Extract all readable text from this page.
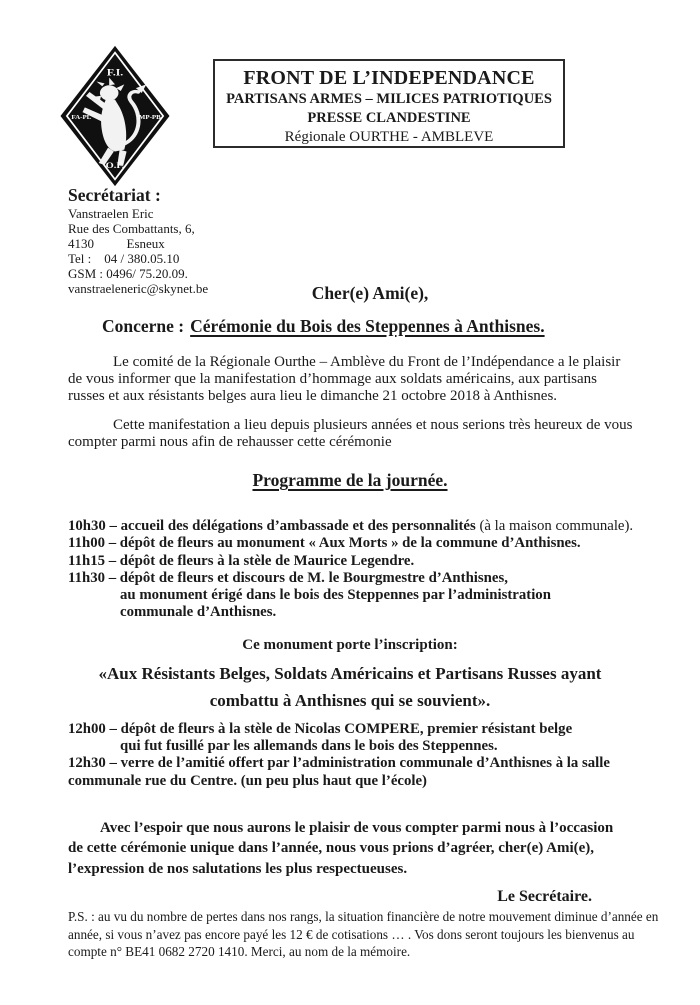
F.I.
FA-PL	MP-PB
O.F.
FRONT DE L’INDEPENDANCE
PARTISANS ARMES – MILICES PATRIOTIQUES
PRESSE CLANDESTINE
Régionale OURTHE - AMBLEVE
Secrétariat :
Vanstraelen Eric
Rue des Combattants, 6,
4130          Esneux
Tel :    04 / 380.05.10
GSM : 0496/ 75.20.09.
vanstraeleneric@skynet.be	Cher(e) Ami(e),
Concerne : Cérémonie du Bois des Steppennes à Anthisnes.
Le comité de la Régionale Ourthe – Amblève du Front de l’Indépendance a le plaisir
de vous informer que la manifestation d’hommage aux soldats américains, aux partisans
russes et aux résistants belges aura lieu le dimanche 21 octobre 2018 à Anthisnes.
Cette manifestation a lieu depuis plusieurs années et nous serions très heureux de vous
compter parmi nous afin de rehausser cette cérémonie
Programme de la journée.
10h30 – accueil des délégations d’ambassade et des personnalités (à la maison communale).
11h00 – dépôt de fleurs au monument « Aux Morts » de la commune d’Anthisnes.
11h15 – dépôt de fleurs à la stèle de Maurice Legendre.
11h30 – dépôt de fleurs et discours de M. le Bourgmestre d’Anthisnes,
au monument érigé dans le bois des Steppennes par l’administration
communale d’Anthisnes.
Ce monument porte l’inscription:
«Aux Résistants Belges, Soldats Américains et Partisans Russes ayant
combattu à Anthisnes qui se souvient».
12h00 – dépôt de fleurs à la stèle de Nicolas COMPERE, premier résistant belge
qui fut fusillé par les allemands dans le bois des Steppennes.
12h30 – verre de l’amitié offert par l’administration communale d’Anthisnes à la salle
communale rue du Centre. (un peu plus haut que l’école)
Avec l’espoir que nous aurons le plaisir de vous compter parmi nous à l’occasion
de cette cérémonie unique dans l’année, nous vous prions d’agréer, cher(e) Ami(e),
l’expression de nos salutations les plus respectueuses.
Le Secrétaire.
P.S. : au vu du nombre de pertes dans nos rangs, la situation financière de notre mouvement diminue d’année en
année, si vous n’avez pas encore payé les 12 € de cotisations … . Vos dons seront toujours les bienvenus au
compte n° BE41 0682 2720 1410. Merci, au nom de la mémoire.
